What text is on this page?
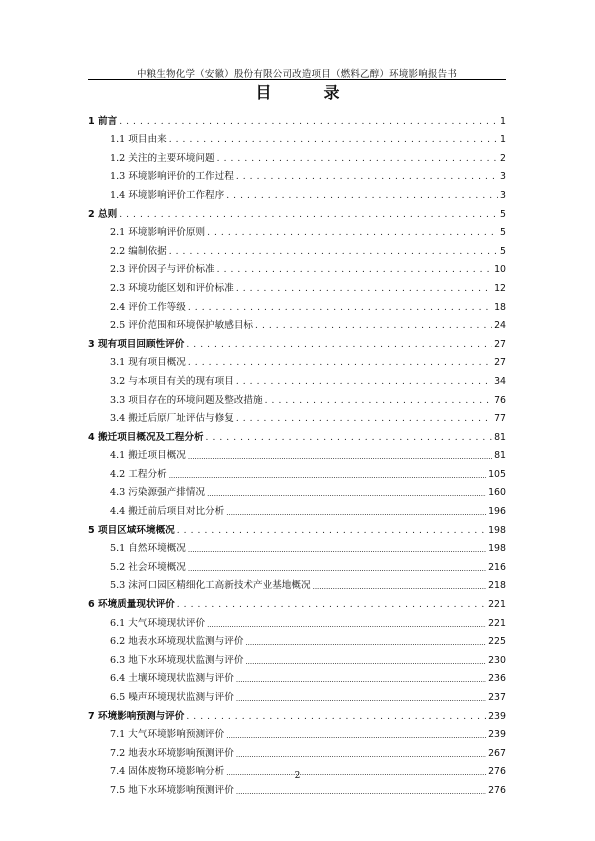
中粮生物化学（安徽）股份有限公司改造项目（燃料乙醇）环境影响报告书
目　录
1 前言 . . .	1
1.1 项目由来 . . .	1
1.2 关注的主要环境问题 . . .	2
1.3 环境影响评价的工作过程 . . .	3
1.4 环境影响评价工作程序 . . .	3
2 总则 . . .	5
2.1 环境影响评价原则 . . .	5
2.2 编制依据 . . .	5
2.3 评价因子与评价标准 . . .	10
2.3 环境功能区划和评价标准 . . .	12
2.4 评价工作等级 . . .	18
2.5 评价范围和环境保护敏感目标 . . .	24
3 现有项目回顾性评价 . . .	27
3.1 现有项目概况 . . .	27
3.2 与本项目有关的现有项目 . . .	34
3.3 项目存在的环境问题及整改措施 . . .	76
3.4 搬迁后原厂址评估与修复 . . .	77
4 搬迁项目概况及工程分析 . . .	81
4.1 搬迁项目概况 .....	81
4.2 工程分析 .....	105
4.3 污染源强产排情况 .....	160
4.4 搬迁前后项目对比分析 .....	196
5 项目区域环境概况 . . .	198
5.1 自然环境概况 .....	198
5.2 社会环境概况 .....	216
5.3 沫河口园区精细化工高新技术产业基地概况 .....	218
6 环境质量现状评价 . . .	221
6.1 大气环境现状评价 .....	221
6.2 地表水环境现状监测与评价 .....	225
6.3 地下水环境现状监测与评价 .....	230
6.4 土壤环境现状监测与评价 .....	236
6.5 噪声环境现状监测与评价 .....	237
7 环境影响预测与评价 . . .	239
7.1 大气环境影响预测评价 .....	239
7.2 地表水环境影响预测评价 .....	267
7.4 固体废物环境影响分析 .....	276
7.5 地下水环境影响预测评价 .....	276
2
